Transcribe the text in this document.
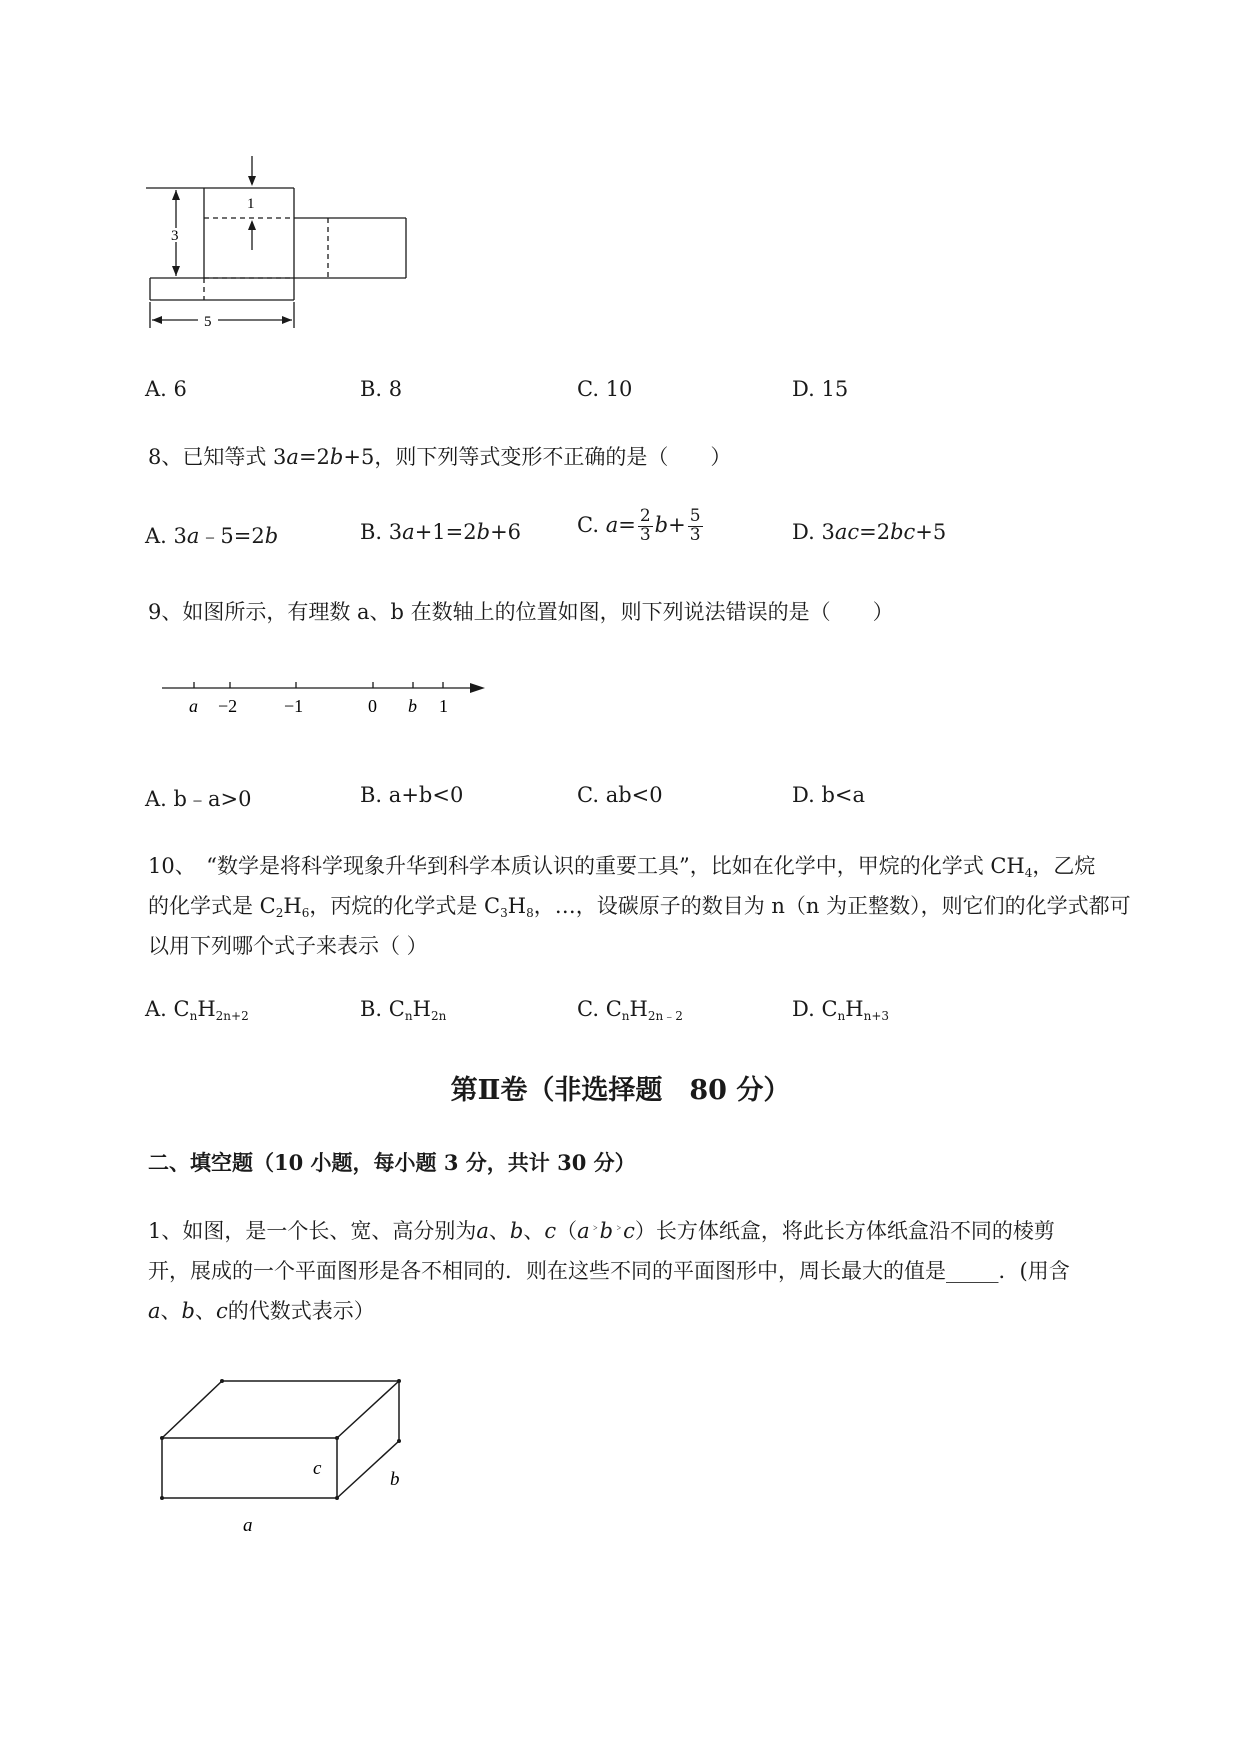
3
1
5
A. 6	B. 8	C. 10	D. 15
8、已知等式 3a=2b+5，则下列等式变形不正确的是（　　）
A. 3a﹣5=2b	B. 3a+1=2b+6	C. $a= \frac{2}{3} b+ \frac{5}{3}$	D. 3ac=2bc+5
9、如图所示，有理数 a、b 在数轴上的位置如图，则下列说法错误的是（　　）
a −2	−1	0 b 1
A. b﹣a>0	B. a+b<0	C. ab<0	D. b<a
10、　“数学是将科学现象升华到科学本质认识的重要工具”，比如在化学中，甲烷的化学式 $CH_4$，乙烷
的化学式是 $C_2H_6$，丙烷的化学式是 $C_3H_8$，…，设碳原子的数目为 n（n 为正整数），则它们的化学式都可
以用下列哪个式子来表示（ ）
A. $C_nH_{2n+2}$	B. $C_nH_{2n}$	C. $C_nH_{2n﹣2}$	D. $C_nH_{n+3}$
第Ⅱ卷（非选择题　80 分）
二、填空题（10 小题，每小题 3 分，共计 30 分）
1、如图，是一个长、宽、高分别为a、b、c（a﹥b﹥c）长方体纸盒，将此长方体纸盒沿不同的棱剪
开，展成的一个平面图形是各不相同的．则在这些不同的平面图形中，周长最大的值是_____．(用含
a、b、c的代数式表示）
c
b
a
